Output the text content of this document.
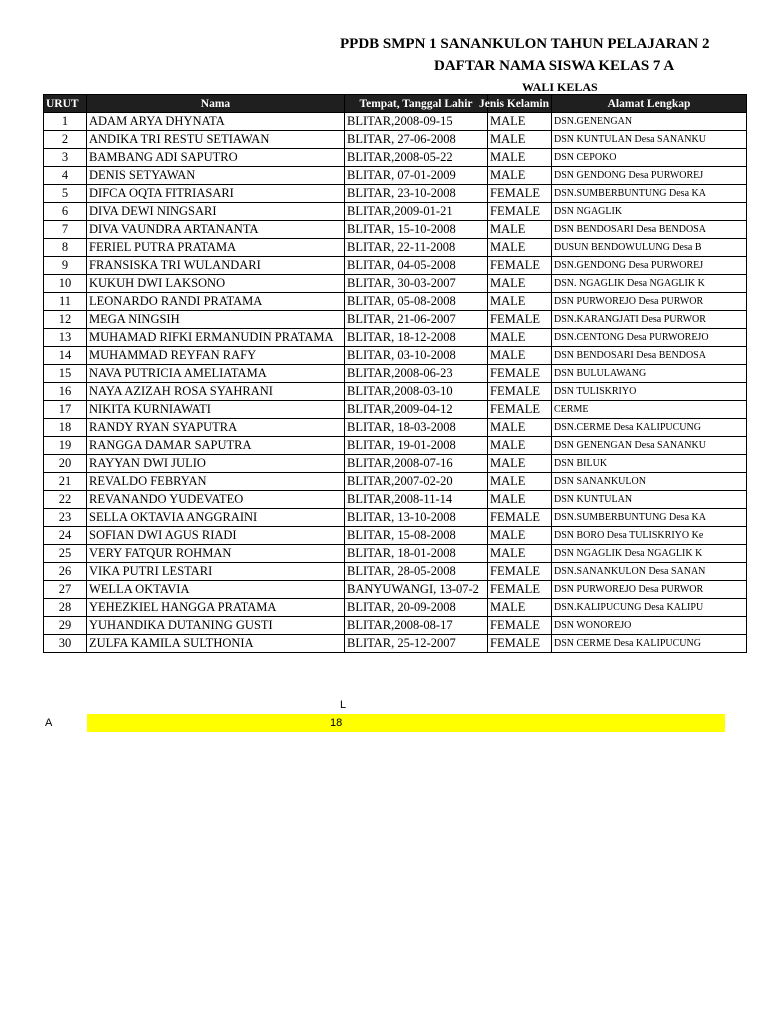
PPDB SMPN 1 SANANKULON TAHUN PELAJARAN 2
DAFTAR NAMA SISWA KELAS 7 A
WALI KELAS
URUT	Nama	Tempat, Tanggal Lahir	Jenis Kelamin	Alamat Lengkap
1	ADAM ARYA DHYNATA	BLITAR,2008-09-15	MALE	DSN.GENENGAN
2	ANDIKA TRI RESTU SETIAWAN	BLITAR, 27-06-2008	MALE	DSN KUNTULAN Desa SANANKU
3	BAMBANG ADI SAPUTRO	BLITAR,2008-05-22	MALE	DSN CEPOKO
4	DENIS SETYAWAN	BLITAR, 07-01-2009	MALE	DSN GENDONG Desa PURWOREJ
5	DIFCA OQTA FITRIASARI	BLITAR, 23-10-2008	FEMALE	DSN.SUMBERBUNTUNG Desa KA
6	DIVA DEWI NINGSARI	BLITAR,2009-01-21	FEMALE	DSN NGAGLIK
7	DIVA VAUNDRA ARTANANTA	BLITAR, 15-10-2008	MALE	DSN BENDOSARI Desa BENDOSA
8	FERIEL PUTRA PRATAMA	BLITAR, 22-11-2008	MALE	DUSUN BENDOWULUNG Desa B
9	FRANSISKA TRI WULANDARI	BLITAR, 04-05-2008	FEMALE	DSN.GENDONG Desa PURWOREJ
10	KUKUH DWI LAKSONO	BLITAR, 30-03-2007	MALE	DSN. NGAGLIK Desa NGAGLIK K
11	LEONARDO RANDI PRATAMA	BLITAR, 05-08-2008	MALE	DSN PURWOREJO Desa PURWOR
12	MEGA NINGSIH	BLITAR, 21-06-2007	FEMALE	DSN.KARANGJATI Desa PURWOR
13	MUHAMAD RIFKI ERMANUDIN PRATAMA	BLITAR, 18-12-2008	MALE	DSN.CENTONG Desa PURWOREJO
14	MUHAMMAD REYFAN RAFY	BLITAR, 03-10-2008	MALE	DSN BENDOSARI Desa BENDOSA
15	NAVA PUTRICIA AMELIATAMA	BLITAR,2008-06-23	FEMALE	DSN BULULAWANG
16	NAYA AZIZAH ROSA SYAHRANI	BLITAR,2008-03-10	FEMALE	DSN TULISKRIYO
17	NIKITA KURNIAWATI	BLITAR,2009-04-12	FEMALE	CERME
18	RANDY RYAN SYAPUTRA	BLITAR, 18-03-2008	MALE	DSN.CERME Desa KALIPUCUNG
19	RANGGA DAMAR SAPUTRA	BLITAR, 19-01-2008	MALE	DSN GENENGAN Desa SANANKU
20	RAYYAN DWI JULIO	BLITAR,2008-07-16	MALE	DSN BILUK
21	REVALDO FEBRYAN	BLITAR,2007-02-20	MALE	DSN SANANKULON
22	REVANANDO YUDEVATEO	BLITAR,2008-11-14	MALE	DSN KUNTULAN
23	SELLA OKTAVIA ANGGRAINI	BLITAR, 13-10-2008	FEMALE	DSN.SUMBERBUNTUNG Desa KA
24	SOFIAN DWI AGUS RIADI	BLITAR, 15-08-2008	MALE	DSN BORO Desa TULISKRIYO Ke
25	VERY FATQUR ROHMAN	BLITAR, 18-01-2008	MALE	DSN NGAGLIK Desa NGAGLIK K
26	VIKA PUTRI LESTARI	BLITAR, 28-05-2008	FEMALE	DSN.SANANKULON Desa SANAN
27	WELLA OKTAVIA	BANYUWANGI, 13-07-2	FEMALE	DSN PURWOREJO Desa PURWOR
28	YEHEZKIEL HANGGA PRATAMA	BLITAR, 20-09-2008	MALE	DSN.KALIPUCUNG Desa KALIPU
29	YUHANDIKA DUTANING GUSTI	BLITAR,2008-08-17	FEMALE	DSN WONOREJO
30	ZULFA KAMILA SULTHONIA	BLITAR, 25-12-2007	FEMALE	DSN CERME Desa KALIPUCUNG
L
A	18
